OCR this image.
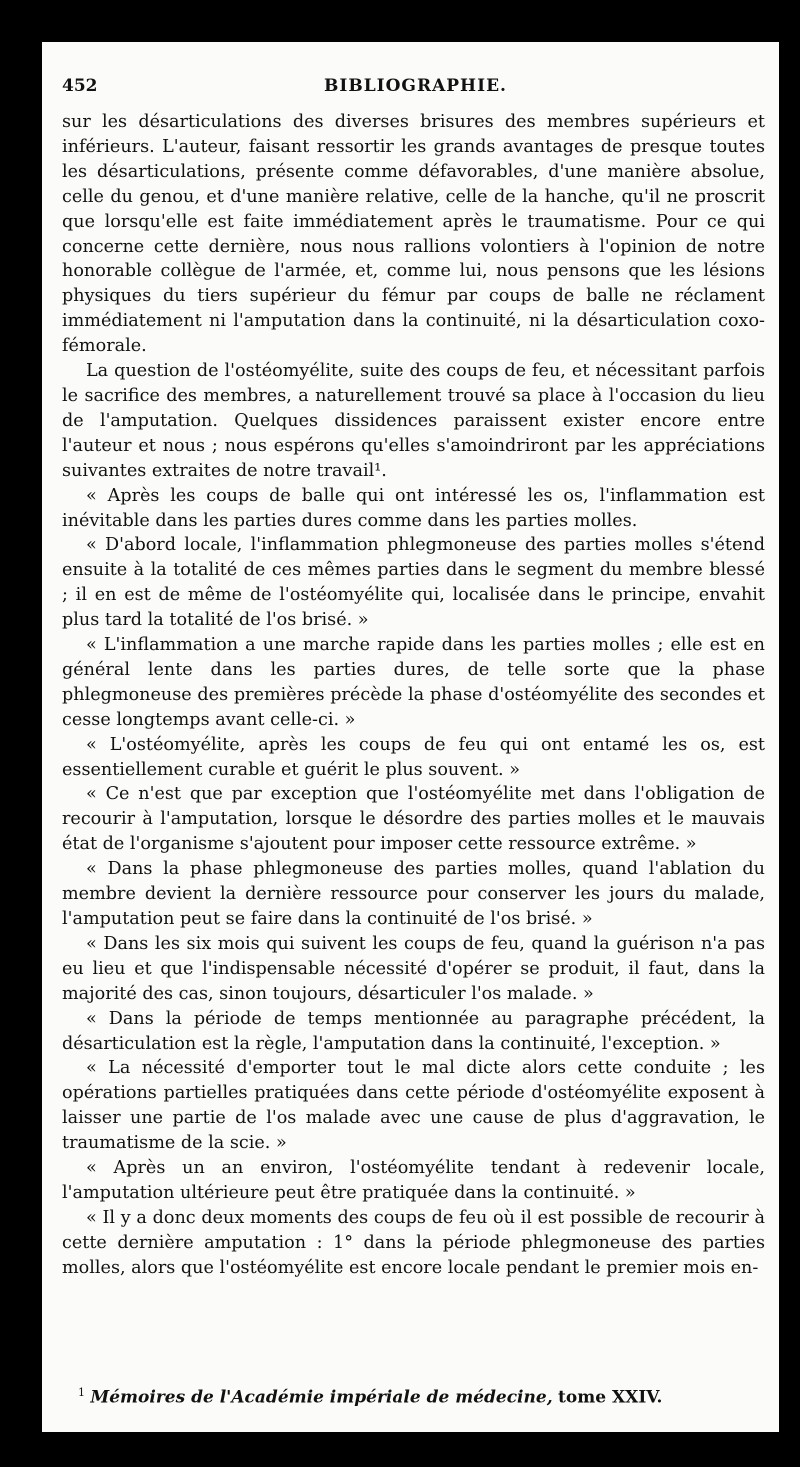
452	BIBLIOGRAPHIE.

sur les désarticulations des diverses brisures des membres supérieurs et inférieurs. L'auteur, faisant ressortir les grands avantages de presque toutes les désarticulations, présente comme défavorables, d'une manière absolue, celle du genou, et d'une manière relative, celle de la hanche, qu'il ne proscrit que lorsqu'elle est faite immédiatement après le traumatisme. Pour ce qui concerne cette dernière, nous nous rallions volontiers à l'opinion de notre honorable collègue de l'armée, et, comme lui, nous pensons que les lésions physiques du tiers supérieur du fémur par coups de balle ne réclament immédiatement ni l'amputation dans la continuité, ni la désarticulation coxo-fémorale.

La question de l'ostéomyélite, suite des coups de feu, et nécessitant parfois le sacrifice des membres, a naturellement trouvé sa place à l'occasion du lieu de l'amputation. Quelques dissidences paraissent exister encore entre l'auteur et nous ; nous espérons qu'elles s'amoindriront par les appréciations suivantes extraites de notre travail¹.

« Après les coups de balle qui ont intéressé les os, l'inflammation est inévitable dans les parties dures comme dans les parties molles.

« D'abord locale, l'inflammation phlegmoneuse des parties molles s'étend ensuite à la totalité de ces mêmes parties dans le segment du membre blessé ; il en est de même de l'ostéomyélite qui, localisée dans le principe, envahit plus tard la totalité de l'os brisé. »

« L'inflammation a une marche rapide dans les parties molles ; elle est en général lente dans les parties dures, de telle sorte que la phase phlegmoneuse des premières précède la phase d'ostéomyélite des secondes et cesse longtemps avant celle-ci. »

« L'ostéomyélite, après les coups de feu qui ont entamé les os, est essentiellement curable et guérit le plus souvent. »

« Ce n'est que par exception que l'ostéomyélite met dans l'obligation de recourir à l'amputation, lorsque le désordre des parties molles et le mauvais état de l'organisme s'ajoutent pour imposer cette ressource extrême. »

« Dans la phase phlegmoneuse des parties molles, quand l'ablation du membre devient la dernière ressource pour conserver les jours du malade, l'amputation peut se faire dans la continuité de l'os brisé. »

« Dans les six mois qui suivent les coups de feu, quand la guérison n'a pas eu lieu et que l'indispensable nécessité d'opérer se produit, il faut, dans la majorité des cas, sinon toujours, désarticuler l'os malade. »

« Dans la période de temps mentionnée au paragraphe précédent, la désarticulation est la règle, l'amputation dans la continuité, l'exception. »

« La nécessité d'emporter tout le mal dicte alors cette conduite ; les opérations partielles pratiquées dans cette période d'ostéomyélite exposent à laisser une partie de l'os malade avec une cause de plus d'aggravation, le traumatisme de la scie. »

« Après un an environ, l'ostéomyélite tendant à redevenir locale, l'amputation ultérieure peut être pratiquée dans la continuité. »

« Il y a donc deux moments des coups de feu où il est possible de recourir à cette dernière amputation : 1° dans la période phlegmoneuse des parties molles, alors que l'ostéomyélite est encore locale pendant le premier mois en-

$^1$ Mémoires de l'Académie impériale de médecine, tome XXIV.
